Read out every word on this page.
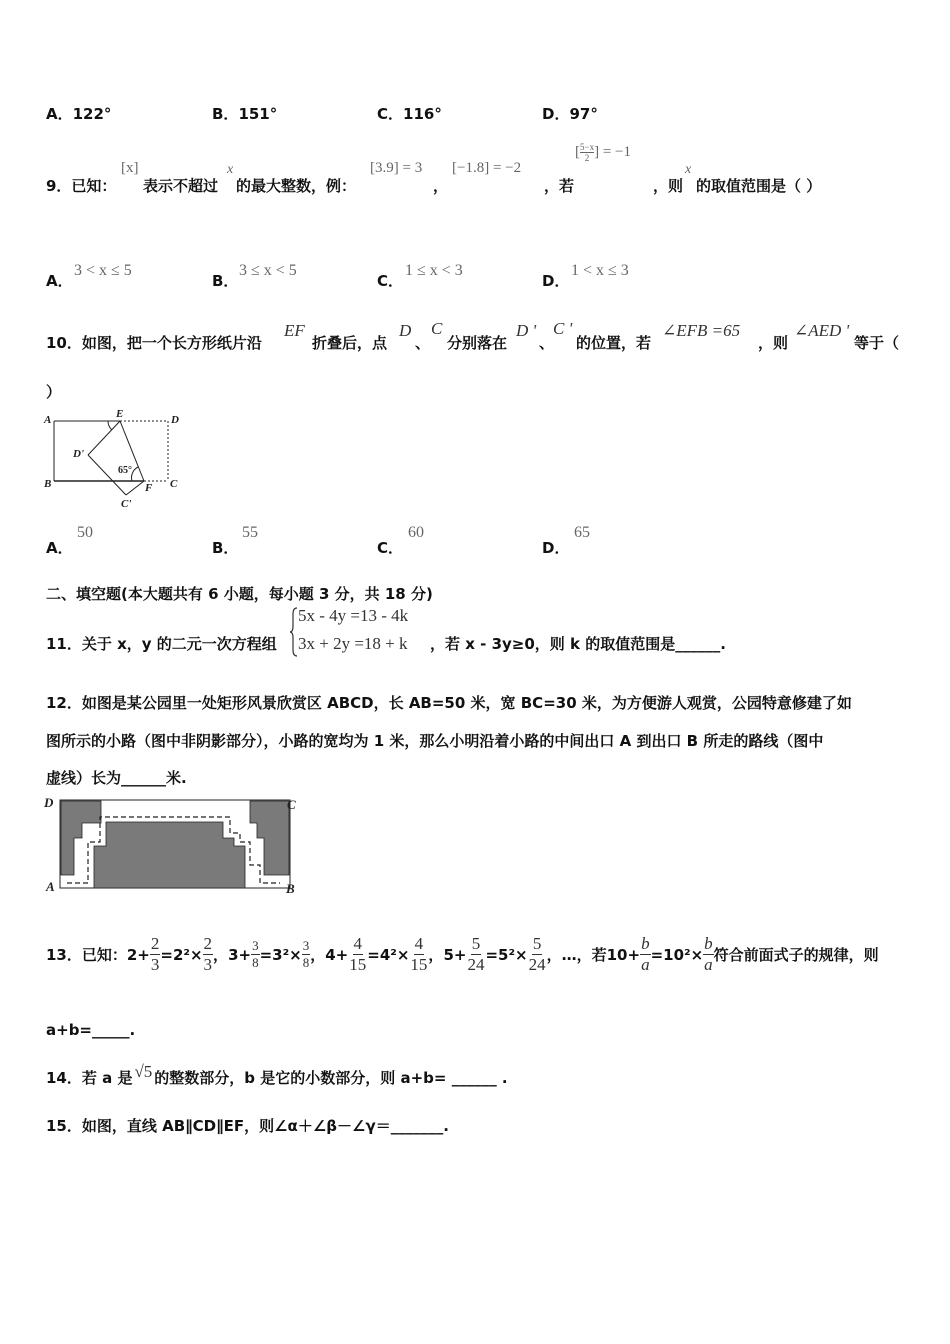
A．122°	B．151°	C．116°	D．97°
9．已知：
[x]
表示不超过
x
的最大整数，例：
[3.9] = 3
，
[−1.8] = −2
，若
[ $\frac{5-x}{2}$ ] = −1
，则
x
的取值范围是（ ）
A．
3 < x ≤ 5
B．
3 ≤ x < 5
C．
1 ≤ x < 3
D．
1 < x ≤ 3
10．如图，把一个长方形纸片沿
EF
折叠后，点
D
、
C
分别落在
D '
、
C '
的位置，若
∠EFB =65
，则
∠AED '
等于（
）
A	E	D
D'
B	F C
C'
65°
A．
50
B．
55
C．
60
D．
65
二、填空题(本大题共有 6 小题，每小题 3 分，共 18 分)
11．关于 x，y 的二元一次方程组
5x - 4y =13 - 4k
3x + 2y =18 + k ，若 x - 3y≥0，则 k 的取值范围是______.
12．如图是某公园里一处矩形风景欣赏区 ABCD，长 AB=50 米，宽 BC=30 米，为方便游人观赏，公园特意修建了如
图所示的小路（图中非阴影部分），小路的宽均为 1 米，那么小明沿着小路的中间出口 A 到出口 B 所走的路线（图中
虚线）长为______米.
D	C
A	B
13．已知： $2+ \frac{2}{3} =2^2\times \frac{2}{3}$ ， $3+ \frac{3}{8} =3^2\times \frac{3}{8}$ ， $4+ \frac{4}{15} =4^2\times \frac{4}{15}$ ， $5+ \frac{5}{24} =5^2\times \frac{5}{24}$ ，…，若 $10+ \frac{b}{a} =10^2\times \frac{b}{a}$ 符合前面式子的规律，则
a+b=_____.
14．若 a 是 √5 的整数部分，b 是它的小数部分，则 a+b= ______ .
15．如图，直线 AB∥CD∥EF，则∠α＋∠β－∠γ＝_______.
